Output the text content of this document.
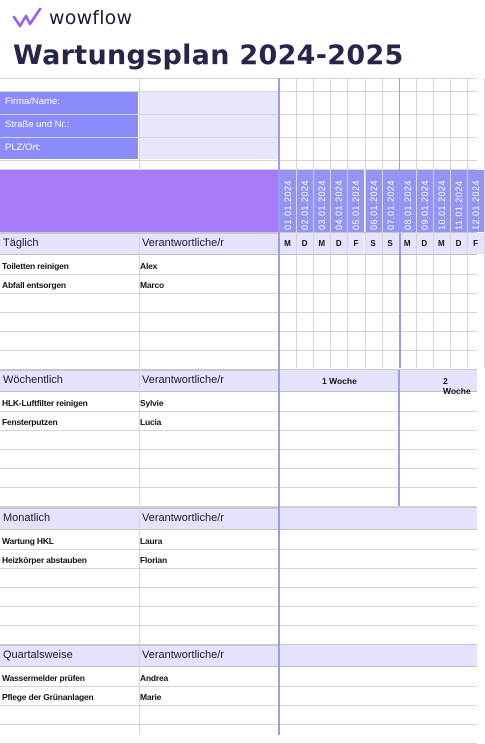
wowflow
Wartungsplan 2024-2025
Firma/Name:
Straße und Nr.:
PLZ/Ort:
01.01.2024 02.01.2024 03.01.2024 04.01.2024 05.01.2024 06.01.2024 07.01.2024 08.01.2024 09.01.2024 10.01.2024 11.01.2024 12.01.2024
Täglich	Verantwortliche/r	M	D	M	D	F	S	S	M	D	M	D	F
Toiletten reinigen	Alex
Abfall entsorgen	Marco
Wöchentlich	Verantwortliche/r	1 Woche	2 Woche
HLK-Luftfilter reinigen	Sylvie
Fensterputzen	Lucia
Monatlich	Verantwortliche/r
Wartung HKL	Laura
Heizkörper abstauben	Florian
Quartalsweise	Verantwortliche/r
Wassermelder prüfen	Andrea
Pflege der Grünanlagen	Marie
